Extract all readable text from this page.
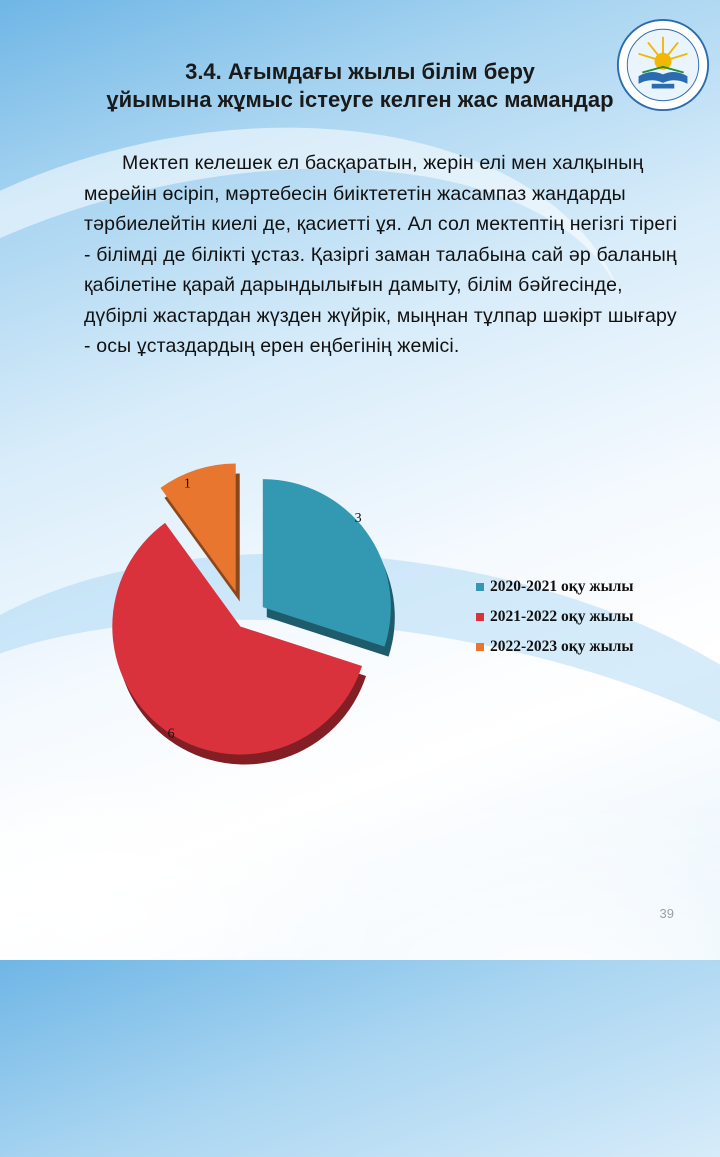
3.4. Ағымдағы жылы білім беру
ұйымына жұмыс істеуге келген жас мамандар
Мектеп келешек ел басқаратын, жерін елі мен халқының мерейін өсіріп, мәртебесін биіктететін жасампаз жандарды тәрбиелейтін киелі де, қасиетті ұя. Ал сол мектептің негізгі тірегі - білімді де білікті ұстаз. Қазіргі заман талабына сай әр баланың қабілетіне қарай дарындылығын дамыту, білім бәйгесінде, дүбірлі жастардан жүзден жүйрік, мыңнан тұлпар шәкірт шығару - осы ұстаздардың ерен еңбегінің жемісі.
3
6
1
2020-2021 оқу жылы
2021-2022 оқу жылы
2022-2023 оқу жылы
39
